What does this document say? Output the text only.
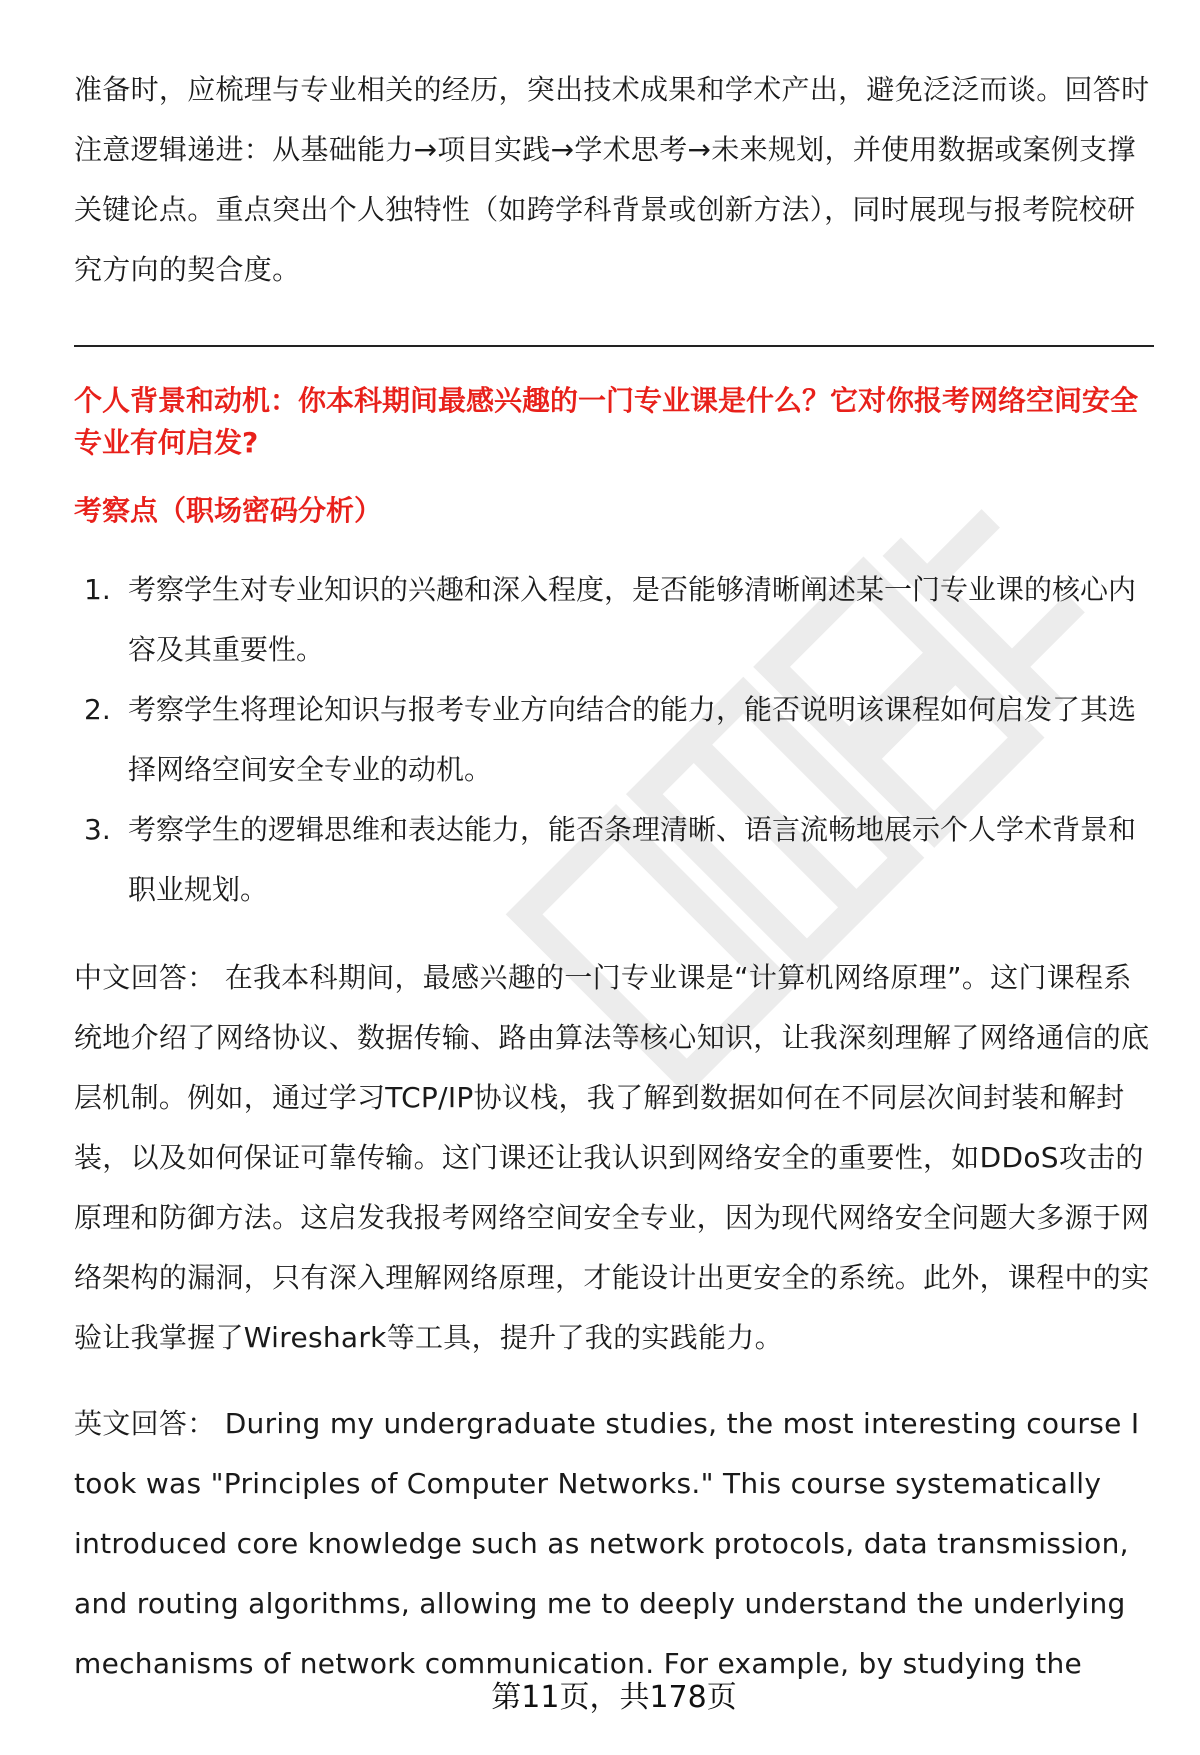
准备时，应梳理与专业相关的经历，突出技术成果和学术产出，避免泛泛而谈。回答时注意逻辑递进：从基础能力→项目实践→学术思考→未来规划，并使用数据或案例支撑关键论点。重点突出个人独特性（如跨学科背景或创新方法），同时展现与报考院校研究方向的契合度。

个人背景和动机：你本科期间最感兴趣的一门专业课是什么？它对你报考网络空间安全专业有何启发?
考察点（职场密码分析）
1. 考察学生对专业知识的兴趣和深入程度，是否能够清晰阐述某一门专业课的核心内容及其重要性。
2. 考察学生将理论知识与报考专业方向结合的能力，能否说明该课程如何启发了其选择网络空间安全专业的动机。
3. 考察学生的逻辑思维和表达能力，能否条理清晰、语言流畅地展示个人学术背景和职业规划。

中文回答： 在我本科期间，最感兴趣的一门专业课是“计算机网络原理”。这门课程系统地介绍了网络协议、数据传输、路由算法等核心知识，让我深刻理解了网络通信的底层机制。例如，通过学习TCP/IP协议栈，我了解到数据如何在不同层次间封装和解封装，以及如何保证可靠传输。这门课还让我认识到网络安全的重要性，如DDoS攻击的原理和防御方法。这启发我报考网络空间安全专业，因为现代网络安全问题大多源于网络架构的漏洞，只有深入理解网络原理，才能设计出更安全的系统。此外，课程中的实验让我掌握了Wireshark等工具，提升了我的实践能力。

英文回答： During my undergraduate studies, the most interesting course I took was "Principles of Computer Networks." This course systematically introduced core knowledge such as network protocols, data transmission, and routing algorithms, allowing me to deeply understand the underlying mechanisms of network communication. For example, by studying the

第11页，共178页
